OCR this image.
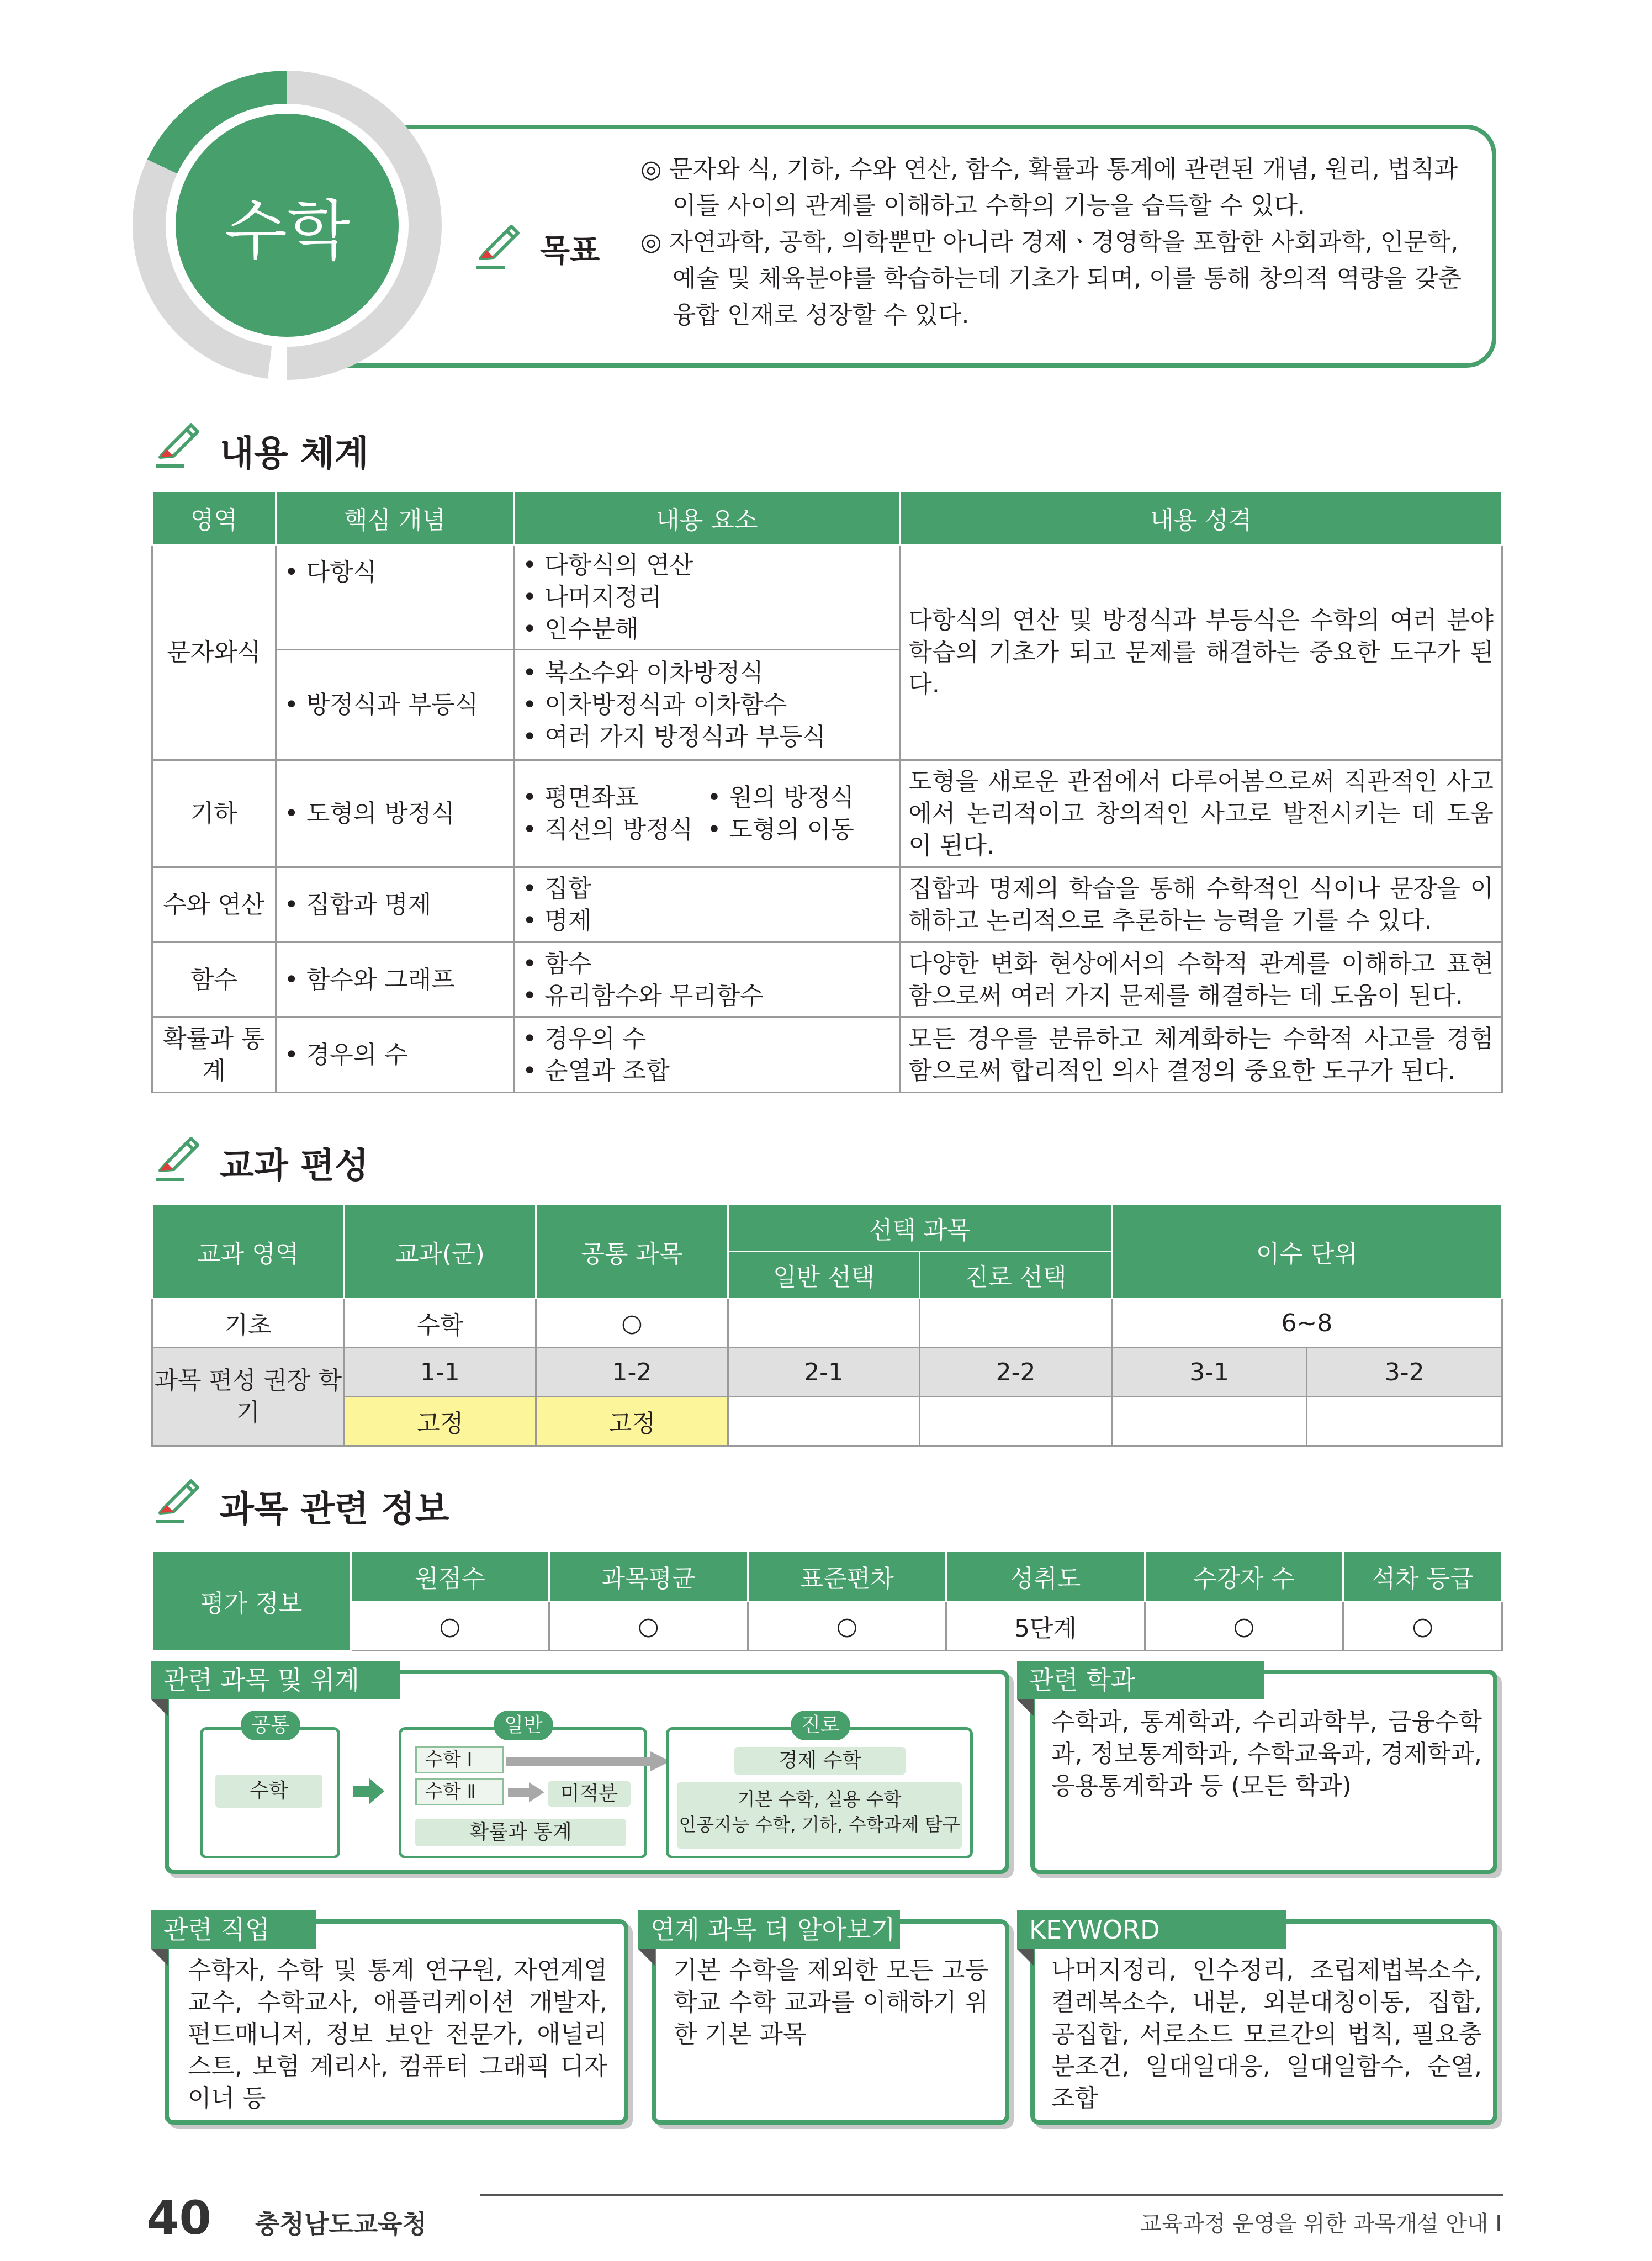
수학	목표

◎ 문자와 식, 기하, 수와 연산, 함수, 확률과 통계에 관련된 개념, 원리, 법칙과 이들 사이의 관계를 이해하고 수학의 기능을 습득할 수 있다.

◎ 자연과학, 공학, 의학뿐만 아니라 경제ㆍ경영학을 포함한 사회과학, 인문학, 예술 및 체육분야를 학습하는데 기초가 되며, 이를 통해 창의적 역량을 갖춘 융합 인재로 성장할 수 있다.

내용 체계
영역	핵심 개념	내용 요소	내용 성격
문자와식	• 다항식	• 다항식의 연산
• 나머지정리
• 인수분해	다항식의 연산 및 방정식과 부등식은 수학의 여러 분야 학습의 기초가 되고 문제를 해결하는 중요한 도구가 된다.
	• 방정식과 부등식	• 복소수와 이차방정식
• 이차방정식과 이차함수
• 여러 가지 방정식과 부등식	

기하	• 도형의 방정식	• 평면좌표
• 직선의 방정식
• 원의 방정식
• 도형의 이동	도형을 새로운 관점에서 다루어봄으로써 직관적인 사고에서 논리적이고 창의적인 사고로 발전시키는 데 도움이 된다.
수와 연산	• 집합과 명제	• 집합
• 명제	집합과 명제의 학습을 통해 수학적인 식이나 문장을 이해하고 논리적으로 추론하는 능력을 기를 수 있다.
함수	• 함수와 그래프	• 함수
• 유리함수와 무리함수	다양한 변화 현상에서의 수학적 관계를 이해하고 표현함으로써 여러 가지 문제를 해결하는 데 도움이 된다.
확률과 통계	• 경우의 수	• 경우의 수
• 순열과 조합	모든 경우를 분류하고 체계화하는 수학적 사고를 경험함으로써 합리적인 의사 결정의 중요한 도구가 된다.
교과 편성
교과 영역	교과(군)	공통 과목	선택 과목		이수 단위	
			일반 선택	진로 선택		
기초	수학	○			6~8	
과목 편성 권장 학기	1-1	1-2	2-1	2-2	3-1	3-2
	고정	고정				
과목 관련 정보
평가 정보	원점수	과목평균	표준편차	성취도	수강자 수	석차 등급
	○	○	○	5단계	○	○
관련 과목 및 위계
공통
수학
일반
수학 Ⅰ
수학 Ⅱ	미적분
확률과 통계
진로
경제 수학
기본 수학, 실용 수학
인공지능 수학, 기하, 수학과제 탐구
관련 학과
수학과, 통계학과, 수리과학부, 금융수학과, 정보통계학과, 수학교육과, 경제학과, 응용통계학과 등 (모든 학과)
관련 직업
수학자, 수학 및 통계 연구원, 자연계열 교수, 수학교사, 애플리케이션 개발자, 펀드매니저, 정보 보안 전문가, 애널리스트, 보험 계리사, 컴퓨터 그래픽 디자이너 등
연계 과목 더 알아보기
기본 수학을 제외한 모든 고등학교 수학 교과를 이해하기 위한 기본 과목
KEYWORD
나머지정리, 인수정리, 조립제법복소수, 켤레복소수, 내분, 외분대칭이동, 집합, 공집합, 서로소드 모르간의 법칙, 필요충분조건, 일대일대응, 일대일함수, 순열, 조합
40 충청남도교육청	교육과정 운영을 위한 과목개설 안내 Ⅰ
